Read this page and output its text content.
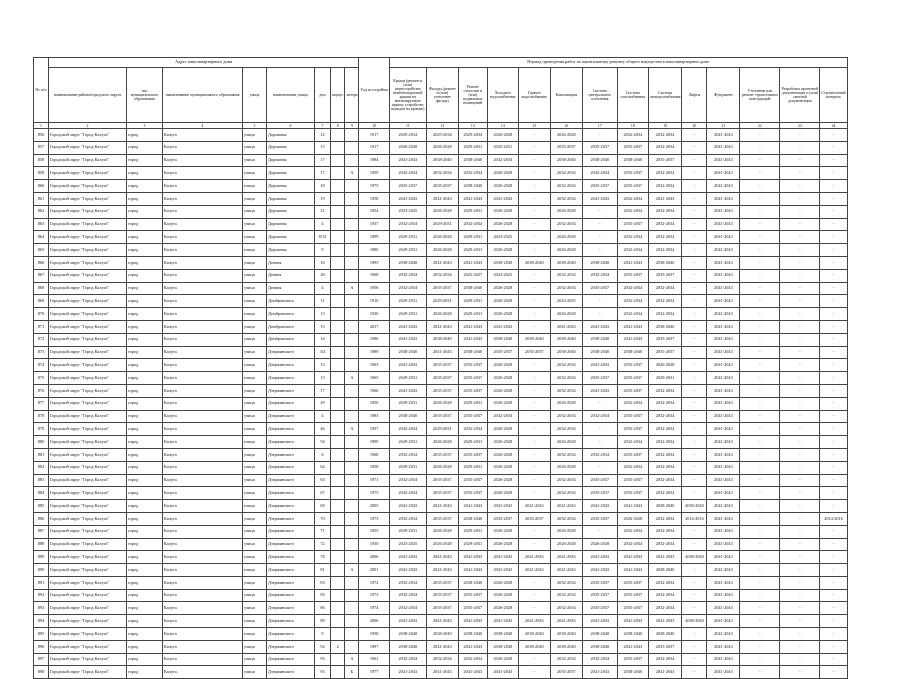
№ п/п	Адрес многоквартирного дома								Год постройки	Период проведения работ по капитальному ремонту общего имущества в многоквартирном доме													
	наименование района/городского округа	тип муниципального образования	наименование муниципального образования	улица	наименование улицы	дом	корпус	литера		Крыша (ремонт и (или) переустройство невентилируемой крыши на вентилируемую крышу, устройство выходов на кровлю)	Фасады (ремонт и (или) утепление фасада)	Ремонт отмостки и (или) подвальных помещений	Холодное водоснабжение	Горячее водоснабжение	Канализация	Система центрального отопления	Система газоснабжения	Система электроснабжения	Лифты	Фундамент	Утепление или ремонт строительных конструкций	Разработка проектной документации и (или) сметной документации	Строительный контроль
1	2	3	4	5	6	7	8	9	10	11	12	13	14	15	16	17	18	19	20	21	22	23	24
856	Городской округ "Город Калуга"	город	Калуга	улица	Дорожная	12			1917	2029-2034	2029-2034	2029-2034	2026-2028	-	2026-2028	-	2032-2034	2032-2034	-	2041-2043	-	-	-
857	Городской округ "Город Калуга"	город	Калуга	улица	Дорожная	15			1917	2026-2028	2026-2028	2029-2031	2025-2031	-	2035-2037	2035-2037	2035-2037	2032-2034	-	2041-2043	-	-	-
858	Городской округ "Город Калуга"	город	Калуга	улица	Дорожная	17			1984	2041-2043	2038-2040	2038-2040	2032-2034	-	2038-2040	2038-2040	2038-2040	2035-2037	-	2041-2043	-	-	-
859	Городской округ "Город Калуга"	город	Калуга	улица	Дорожная	17		А	1959	2032-2034	2032-2034	2032-2034	2026-2028	-	2032-2034	2032-2034	2035-2037	2032-2034	-	2041-2043	-	-	-
860	Городской округ "Город Калуга"	город	Калуга	улица	Дорожная	18			1975	2035-2037	2035-2037	2038-2040	2026-2028	-	2032-2034	2035-2037	2035-2037	2032-2034	-	2041-2043	-	-	-
861	Городской округ "Город Калуга"	город	Калуга	улица	Дорожная	19			1958	2041-2043	2041-2043	2041-2043	2041-2043	-	2032-2034	2041-2043	2032-2034	2041-2043	-	2041-2043	-	-	-
862	Городской округ "Город Калуга"	город	Калуга	улица	Дорожная	21			1954	2023-2025	2026-2028	2029-2031	2026-2028	-	2026-2028	-	2032-2034	2032-2034	-	2041-2043	-	-	-
863	Городской округ "Город Калуга"	город	Калуга	улица	Дорожная	4			1937	2032-2034	2029-2031	2032-2034	2026-2028	-	2032-2034	-	2035-2037	2032-2034	-	2041-2043	-	-	-
864	Городской округ "Город Калуга"	город	Калуга	улица	Дорожная	8/13			1899	2029-2031	2026-2028	2029-2031	2023-2025	-	2026-2028	-	2032-2034	2032-2034	-	2041-2043	-	-	-
865	Городской округ "Город Калуга"	город	Калуга	улица	Дорожная	9			1880	2029-2031	2026-2028	2029-2031	2026-2028	-	2026-2028	-	2032-2034	2032-2034	-	2041-2043	-	-	-
866	Городской округ "Город Калуга"	город	Калуга	улица	Дочная	16			1995	2038-2040	2041-2043	2041-2043	2038-2040	2038-2040	2038-2040	2038-2040	2041-2043	2038-2040	-	2041-2043	-	-	-
867	Городской округ "Город Калуга"	город	Калуга	улица	Дочная	20			1968	2032-2034	2032-2034	2025-2027	2023-2025	-	2032-2034	2032-2034	2035-2037	2035-2037	-	2041-2043	-	-	-
868	Городской округ "Город Калуга"	город	Калуга	улица	Дочная	4		А	1956	2032-2034	2035-2037	2038-2040	2026-2028	-	2032-2034	2035-2037	2032-2034	2032-2034	-	2041-2043	-	-	-
869	Городской округ "Город Калуга"	город	Калуга	улица	Домбровского	11			1910	2029-2031	2029-2031	2029-2031	2026-2028	-	2023-2025	-	2032-2034	2032-2034	-	2041-2043	-	-	-
870	Городской округ "Город Калуга"	город	Калуга	улица	Домбровского	13			1926	2029-2031	2026-2028	2029-2031	2026-2028	-	2026-2028	-	2032-2034	2032-2034	-	2041-2043	-	-	-
871	Городской округ "Город Калуга"	город	Калуга	улица	Домбровского	15			2017	2041-2043	2041-2043	2041-2043	2041-2043	-	2041-2043	2041-2043	2041-2043	2038-2040	-	2041-2043	-	-	-
872	Городской округ "Город Калуга"	город	Калуга	улица	Домбровского	14			1986	2041-2043	2038-2040	2041-2043	2038-2040	2038-2040	2038-2040	2038-2040	2041-2043	2035-2037	-	2041-2043	-	-	-
873	Городской округ "Город Калуга"	город	Калуга	улица	Дзержинского	3/4			1989	2038-2040	2041-2043	2038-2040	2035-2037	2035-2037	2038-2040	2038-2040	2038-2040	2035-2037	-	2041-2043	-	-	-
874	Городской округ "Город Калуга"	город	Калуга	улица	Дзержинского	13			1963	2041-2043	2035-2037	2035-2037	2026-2028	-	2032-2034	2041-2043	2035-2037	2026-2028	-	2041-2043	-	-	-
875	Городской округ "Город Калуга"	город	Калуга	улица	Дзержинского	13		А	1965	2029-2031	2035-2037	2035-2037	2026-2028	-	2032-2034	2035-2037	2035-2037	2029-2031	-	2041-2043	-	-	-
876	Городской округ "Город Калуга"	город	Калуга	улица	Дзержинского	17			1966	2041-2043	2035-2037	2035-2037	2026-2028	-	2032-2034	2041-2043	2035-2037	2032-2034	-	2041-2043	-	-	-
877	Городской округ "Город Калуга"	город	Калуга	улица	Дзержинского	29			1950	2029-2031	2026-2028	2029-2031	2026-2028	-	2026-2028	-	2032-2034	2032-2034	-	2041-2043	-	-	-
878	Городской округ "Город Калуга"	город	Калуга	улица	Дзержинского	4			1983	2038-2040	2035-2037	2035-2037	2032-2034	-	2032-2034	2032-2034	2035-2037	2032-2034	-	2041-2043	-	-	-
879	Городской округ "Город Калуга"	город	Калуга	улица	Дзержинского	46		А	1937	2032-2034	2029-2031	2032-2034	2026-2028	-	2032-2034	-	2035-2037	2032-2034	-	2041-2043	-	-	-
880	Городской округ "Город Калуга"	город	Калуга	улица	Дзержинского	54			1899	2029-2031	2026-2028	2029-2031	2026-2028	-	2026-2028	-	2032-2034	2032-2034	-	2041-2043	-	-	-
881	Городской округ "Город Калуга"	город	Калуга	улица	Дзержинского	6			1968	2032-2034	2035-2037	2035-2037	2026-2028	-	2032-2034	2032-2034	2035-2037	2032-2034	-	2041-2043	-	-	-
882	Городской округ "Город Калуга"	город	Калуга	улица	Дзержинского	62			1958	2029-2031	2026-2028	2029-2031	2026-2028	-	2026-2028	-	2032-2034	2032-2034	-	2041-2043	-	-	-
883	Городской округ "Город Калуга"	город	Калуга	улица	Дзержинского	63			1971	2032-2034	2035-2037	2035-2037	2026-2028	-	2032-2034	2035-2037	2035-2037	2032-2034	-	2041-2043	-	-	-
884	Городской округ "Город Калуга"	город	Калуга	улица	Дзержинского	67			1975	2032-2034	2035-2037	2035-2037	2026-2028	-	2032-2034	2035-2037	2035-2037	2032-2034	-	2041-2043	-	-	-
885	Городской округ "Город Калуга"	город	Калуга	улица	Дзержинского	69			2005	2041-2043	2041-2043	2041-2043	2041-2043	2041-2043	2041-2043	2041-2043	2041-2043	2038-2040	2038-2040	2041-2043	-	-	-
886	Городской округ "Город Калуга"	город	Калуга	улица	Дзержинского	70			1973	2032-2034	2035-2037	2038-2040	2035-2037	2035-2037	2032-2034	2035-2037	2026-2028	2032-2034	2014-2016	2041-2043	-	-	2014-2016
887	Городской округ "Город Калуга"	город	Калуга	улица	Дзержинского	71			1955	2029-2031	2026-2028	2029-2031	2026-2028	-	2026-2028	-	2032-2034	2032-2034	-	2041-2043	-	-	-
888	Городской округ "Город Калуга"	город	Калуга	улица	Дзержинского	72			1930	2023-2025	2026-2028	2029-2031	2026-2028	-	2026-2028	2026-2028	2032-2034	2032-2034	-	2041-2043	-	-	-
889	Городской округ "Город Калуга"	город	Калуга	улица	Дзержинского	78			2006	2041-2043	2041-2043	2041-2043	2041-2043	2041-2043	2041-2043	2041-2043	2041-2043	2041-2043	2038-2040	2041-2043	-	-	-
890	Городской округ "Город Калуга"	город	Калуга	улица	Дзержинского	81		А	2001	2041-2043	2041-2043	2041-2043	2041-2043	2041-2043	2041-2043	2041-2043	2041-2043	2038-2040	-	2041-2043	-	-	-
891	Городской округ "Город Калуга"	город	Калуга	улица	Дзержинского	83			1972	2032-2034	2035-2037	2038-2040	2026-2028	-	2032-2034	2035-2037	2035-2037	2032-2034	-	2041-2043	-	-	-
892	Городской округ "Город Калуга"	город	Калуга	улица	Дзержинского	83			1973	2032-2034	2035-2037	2035-2037	2026-2028	-	2032-2034	2035-2037	2035-2037	2032-2034	-	2041-2043	-	-	-
893	Городской округ "Город Калуга"	город	Калуга	улица	Дзержинского	86			1974	2032-2034	2035-2037	2035-2037	2026-2028	-	2032-2034	2035-2037	2035-2037	2032-2034	-	2041-2043	-	-	-
894	Городской округ "Город Калуга"	город	Калуга	улица	Дзержинского	89			2006	2041-2043	2041-2043	2041-2043	2041-2043	2041-2043	2041-2043	2041-2043	2041-2043	2041-2043	2038-2040	2041-2043	-	-	-
895	Городской округ "Город Калуга"	город	Калуга	улица	Дзержинского	9			1958	2038-2040	2038-2040	2038-2040	2038-2040	2038-2040	2038-2040	2038-2040	2038-2040	2038-2040	-	2041-2043	-	-	-
896	Городской округ "Город Калуга"	город	Калуга	улица	Дзержинского	92	2		1997	2038-2040	2041-2043	2041-2043	2038-2040	2038-2040	2038-2040	2038-2040	2041-2043	2035-2037	-	2041-2043	-	-	-
897	Городской округ "Город Калуга"	город	Калуга	улица	Дзержинского	93		А	1961	2032-2034	2032-2034	2032-2034	2026-2028	-	2032-2034	2032-2034	2035-2037	2032-2034	-	2041-2043	-	-	-
898	Городской округ "Город Калуга"	город	Калуга	улица	Дзержинского	93		Б	1977	2041-2043	2041-2043	2041-2043	2041-2043	-	2035-2037	2041-2043	2038-2040	2041-2043	-	2041-2043	-	-	-
